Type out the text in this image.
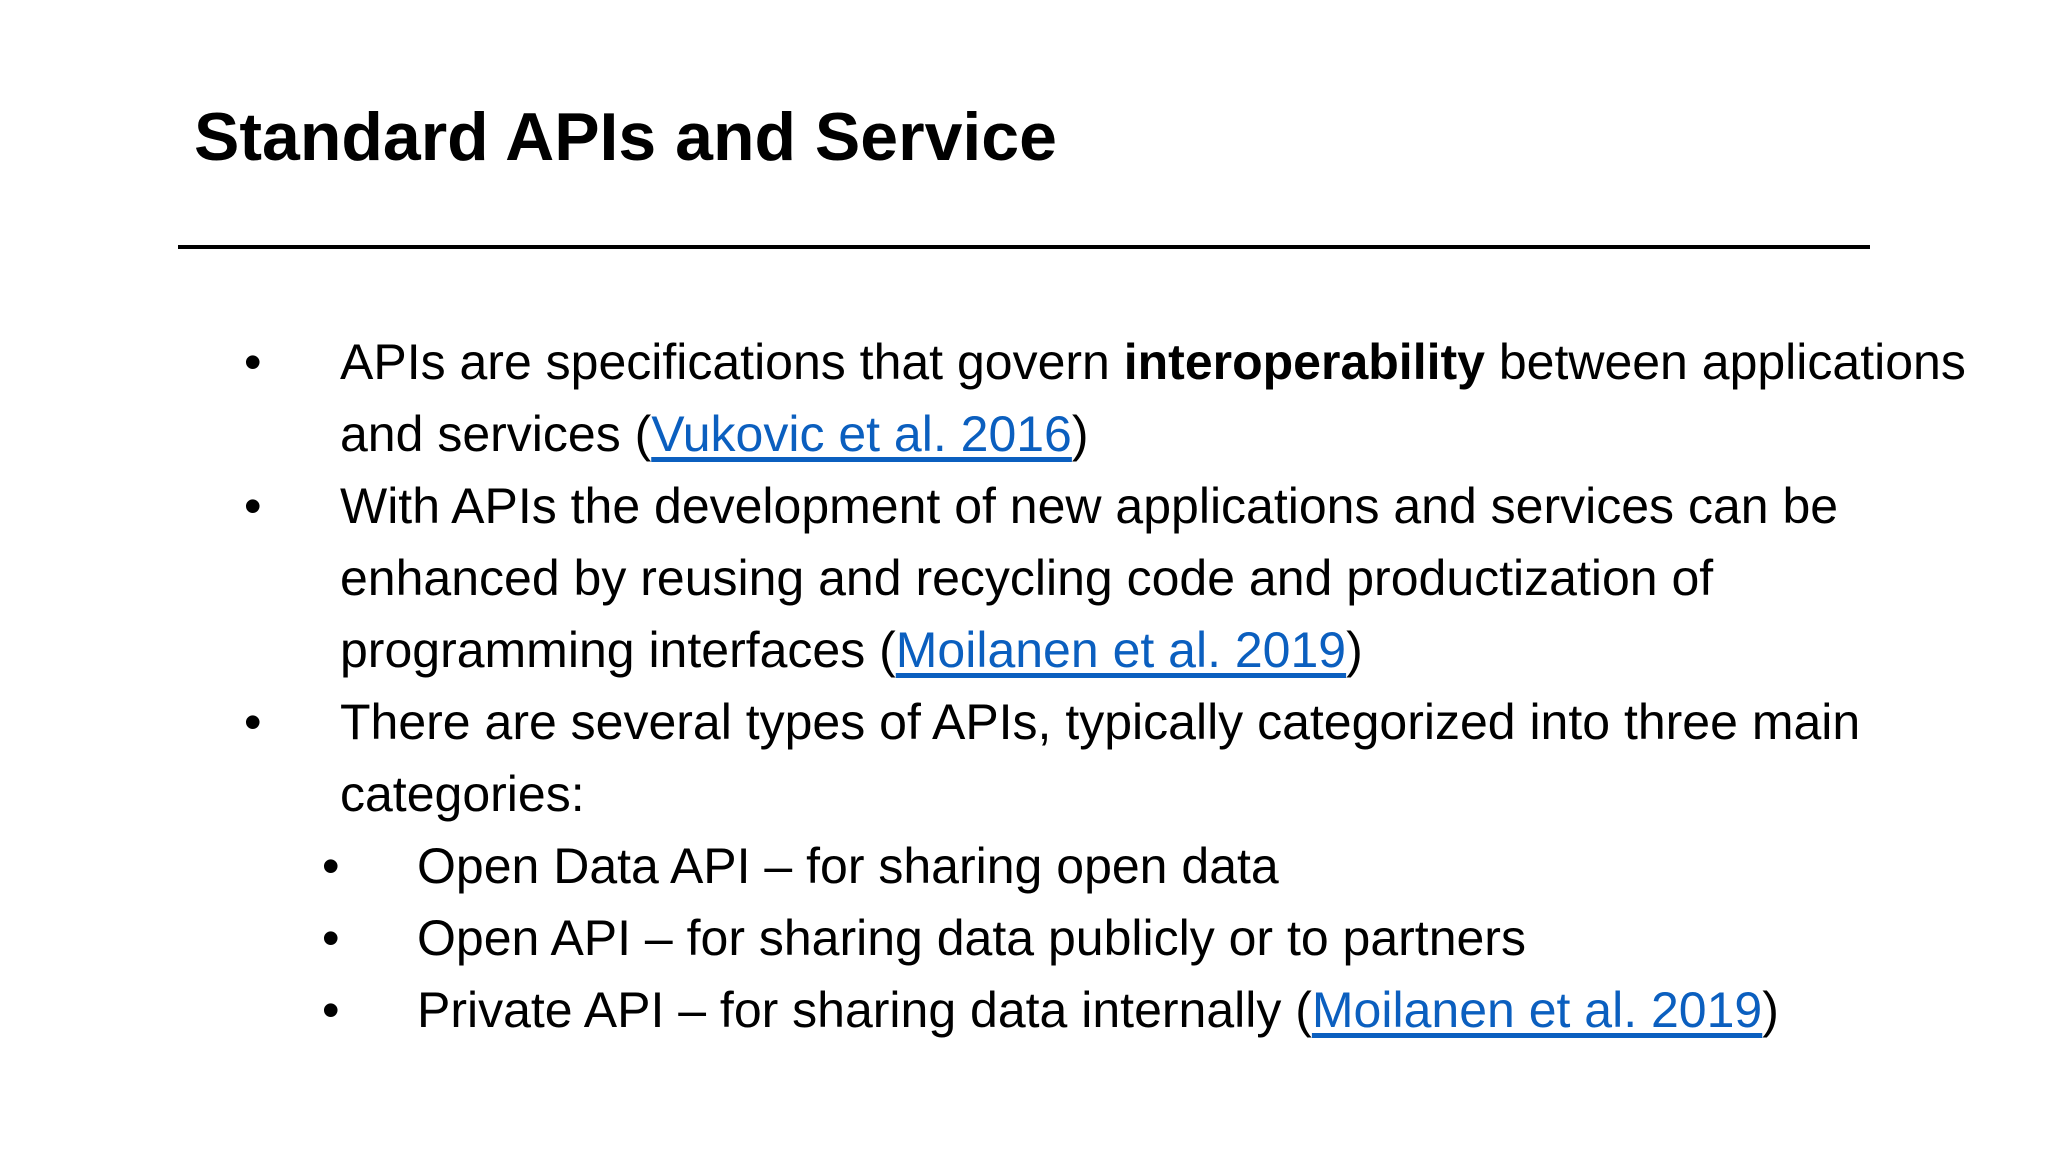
Standard APIs and Service
• APIs are specifications that govern interoperability between applications and services (Vukovic et al. 2016)
• With APIs the development of new applications and services can be enhanced by reusing and recycling code and productization of programming interfaces (Moilanen et al. 2019)
• There are several types of APIs, typically categorized into three main categories:
• Open Data API – for sharing open data
• Open API – for sharing data publicly or to partners
• Private API – for sharing data internally (Moilanen et al. 2019)
